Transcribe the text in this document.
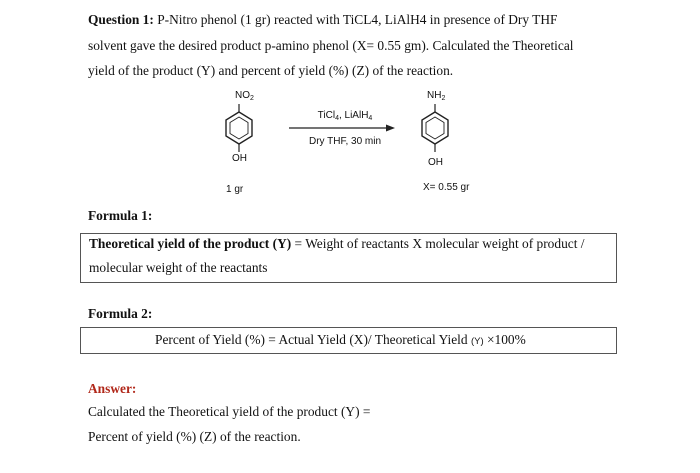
Question 1: P-Nitro phenol (1 gr) reacted with TiCL4, LiAlH4 in presence of Dry THF
solvent gave the desired product p-amino phenol (X= 0.55 gm). Calculated the Theoretical
yield of the product (Y) and percent of yield (%) (Z) of the reaction.
$NO_2$
OH
1 gr
TiCl$_4$, LiAlH$_4$
Dry THF, 30 min
$NH_2$
OH
X= 0.55 gr
Formula 1:
Theoretical yield of the product (Y) = Weight of reactants X molecular weight of product /
molecular weight of the reactants
Formula 2:
Percent of Yield (%) = Actual Yield (X)/ Theoretical Yield (Y) ×100%
Answer:
Calculated the Theoretical yield of the product (Y) =
Percent of yield (%) (Z) of the reaction.
